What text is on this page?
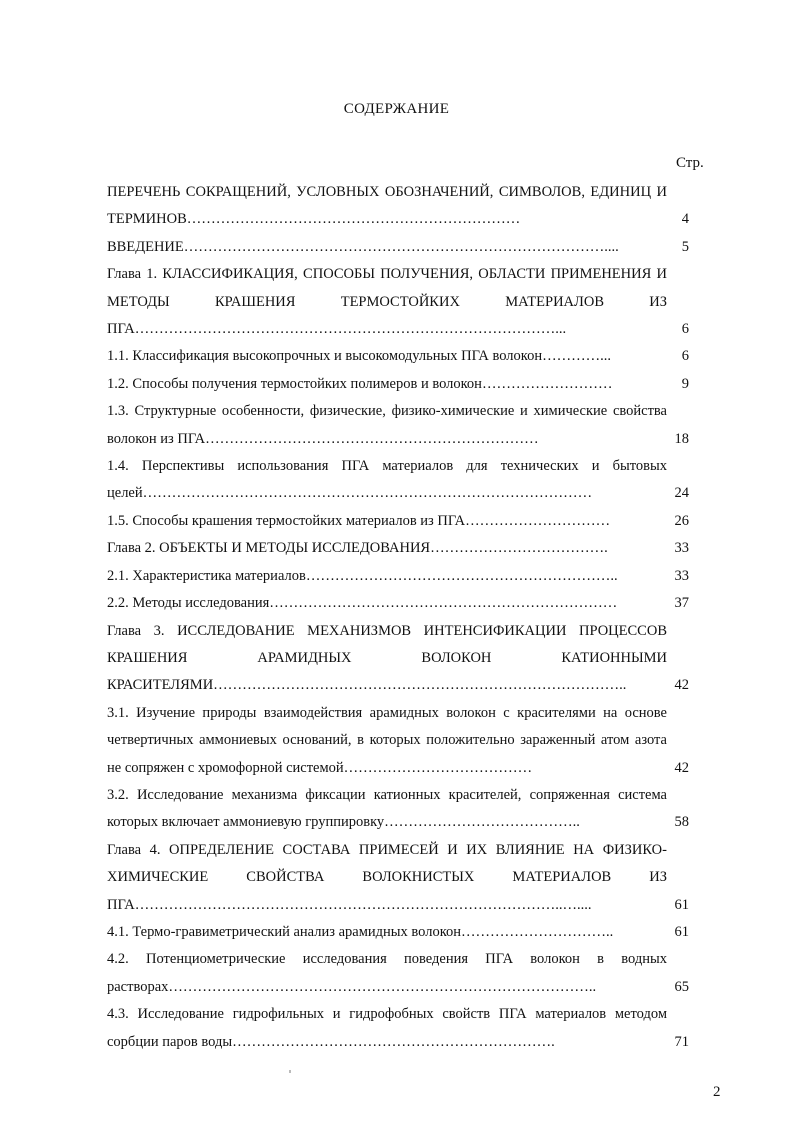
СОДЕРЖАНИЕ
Стр.
ПЕРЕЧЕНЬ СОКРАЩЕНИЙ, УСЛОВНЫХ ОБОЗНАЧЕНИЙ, СИМВОЛОВ, ЕДИНИЦ И ТЕРМИНОВ……………………………………………………………	4
ВВЕДЕНИЕ……………………………………………………………………………....	5
Глава 1. КЛАССИФИКАЦИЯ, СПОСОБЫ ПОЛУЧЕНИЯ, ОБЛАСТИ ПРИМЕНЕНИЯ И МЕТОДЫ КРАШЕНИЯ ТЕРМОСТОЙКИХ МАТЕРИАЛОВ ИЗ ПГА……………………………………………………………………………...	6
1.1. Классификация высокопрочных и высокомодульных ПГА волокон…………...	6
1.2. Способы получения термостойких полимеров и волокон………………………	9
1.3. Структурные особенности, физические, физико-химические и химические свойства волокон из ПГА……………………………………………………………	18
1.4. Перспективы использования ПГА материалов для технических и бытовых целей…………………………………………………………………………………	24
1.5. Способы крашения термостойких материалов из ПГА…………………………	26
Глава 2. ОБЪЕКТЫ И МЕТОДЫ ИССЛЕДОВАНИЯ……………………………….	33
2.1. Характеристика материалов………………………………………………………..	33
2.2. Методы исследования………………………………………………………………	37
Глава 3. ИССЛЕДОВАНИЕ МЕХАНИЗМОВ ИНТЕНСИФИКАЦИИ ПРОЦЕССОВ КРАШЕНИЯ АРАМИДНЫХ ВОЛОКОН КАТИОННЫМИ КРАСИТЕЛЯМИ…………………………………………………………………………..	42
3.1. Изучение природы взаимодействия арамидных волокон с красителями на основе четвертичных аммониевых оснований, в которых положительно зараженный атом азота не сопряжен с хромофорной системой…………………………………	42
3.2. Исследование механизма фиксации катионных красителей, сопряженная система которых включает аммониевую группировку…………………………………..	58
Глава 4. ОПРЕДЕЛЕНИЕ СОСТАВА ПРИМЕСЕЙ И ИХ ВЛИЯНИЕ НА ФИЗИКО-ХИМИЧЕСКИЕ СВОЙСТВА ВОЛОКНИСТЫХ МАТЕРИАЛОВ ИЗ ПГА……………………………………………………………………………..…....	61
4.1. Термо-гравиметрический анализ арамидных волокон…………………………..	61
4.2. Потенциометрические исследования поведения ПГА волокон в водных растворах……………………………………………………………………………..	65
4.3. Исследование гидрофильных и гидрофобных свойств ПГА материалов методом сорбции паров воды………………………………………………………….	71
2
